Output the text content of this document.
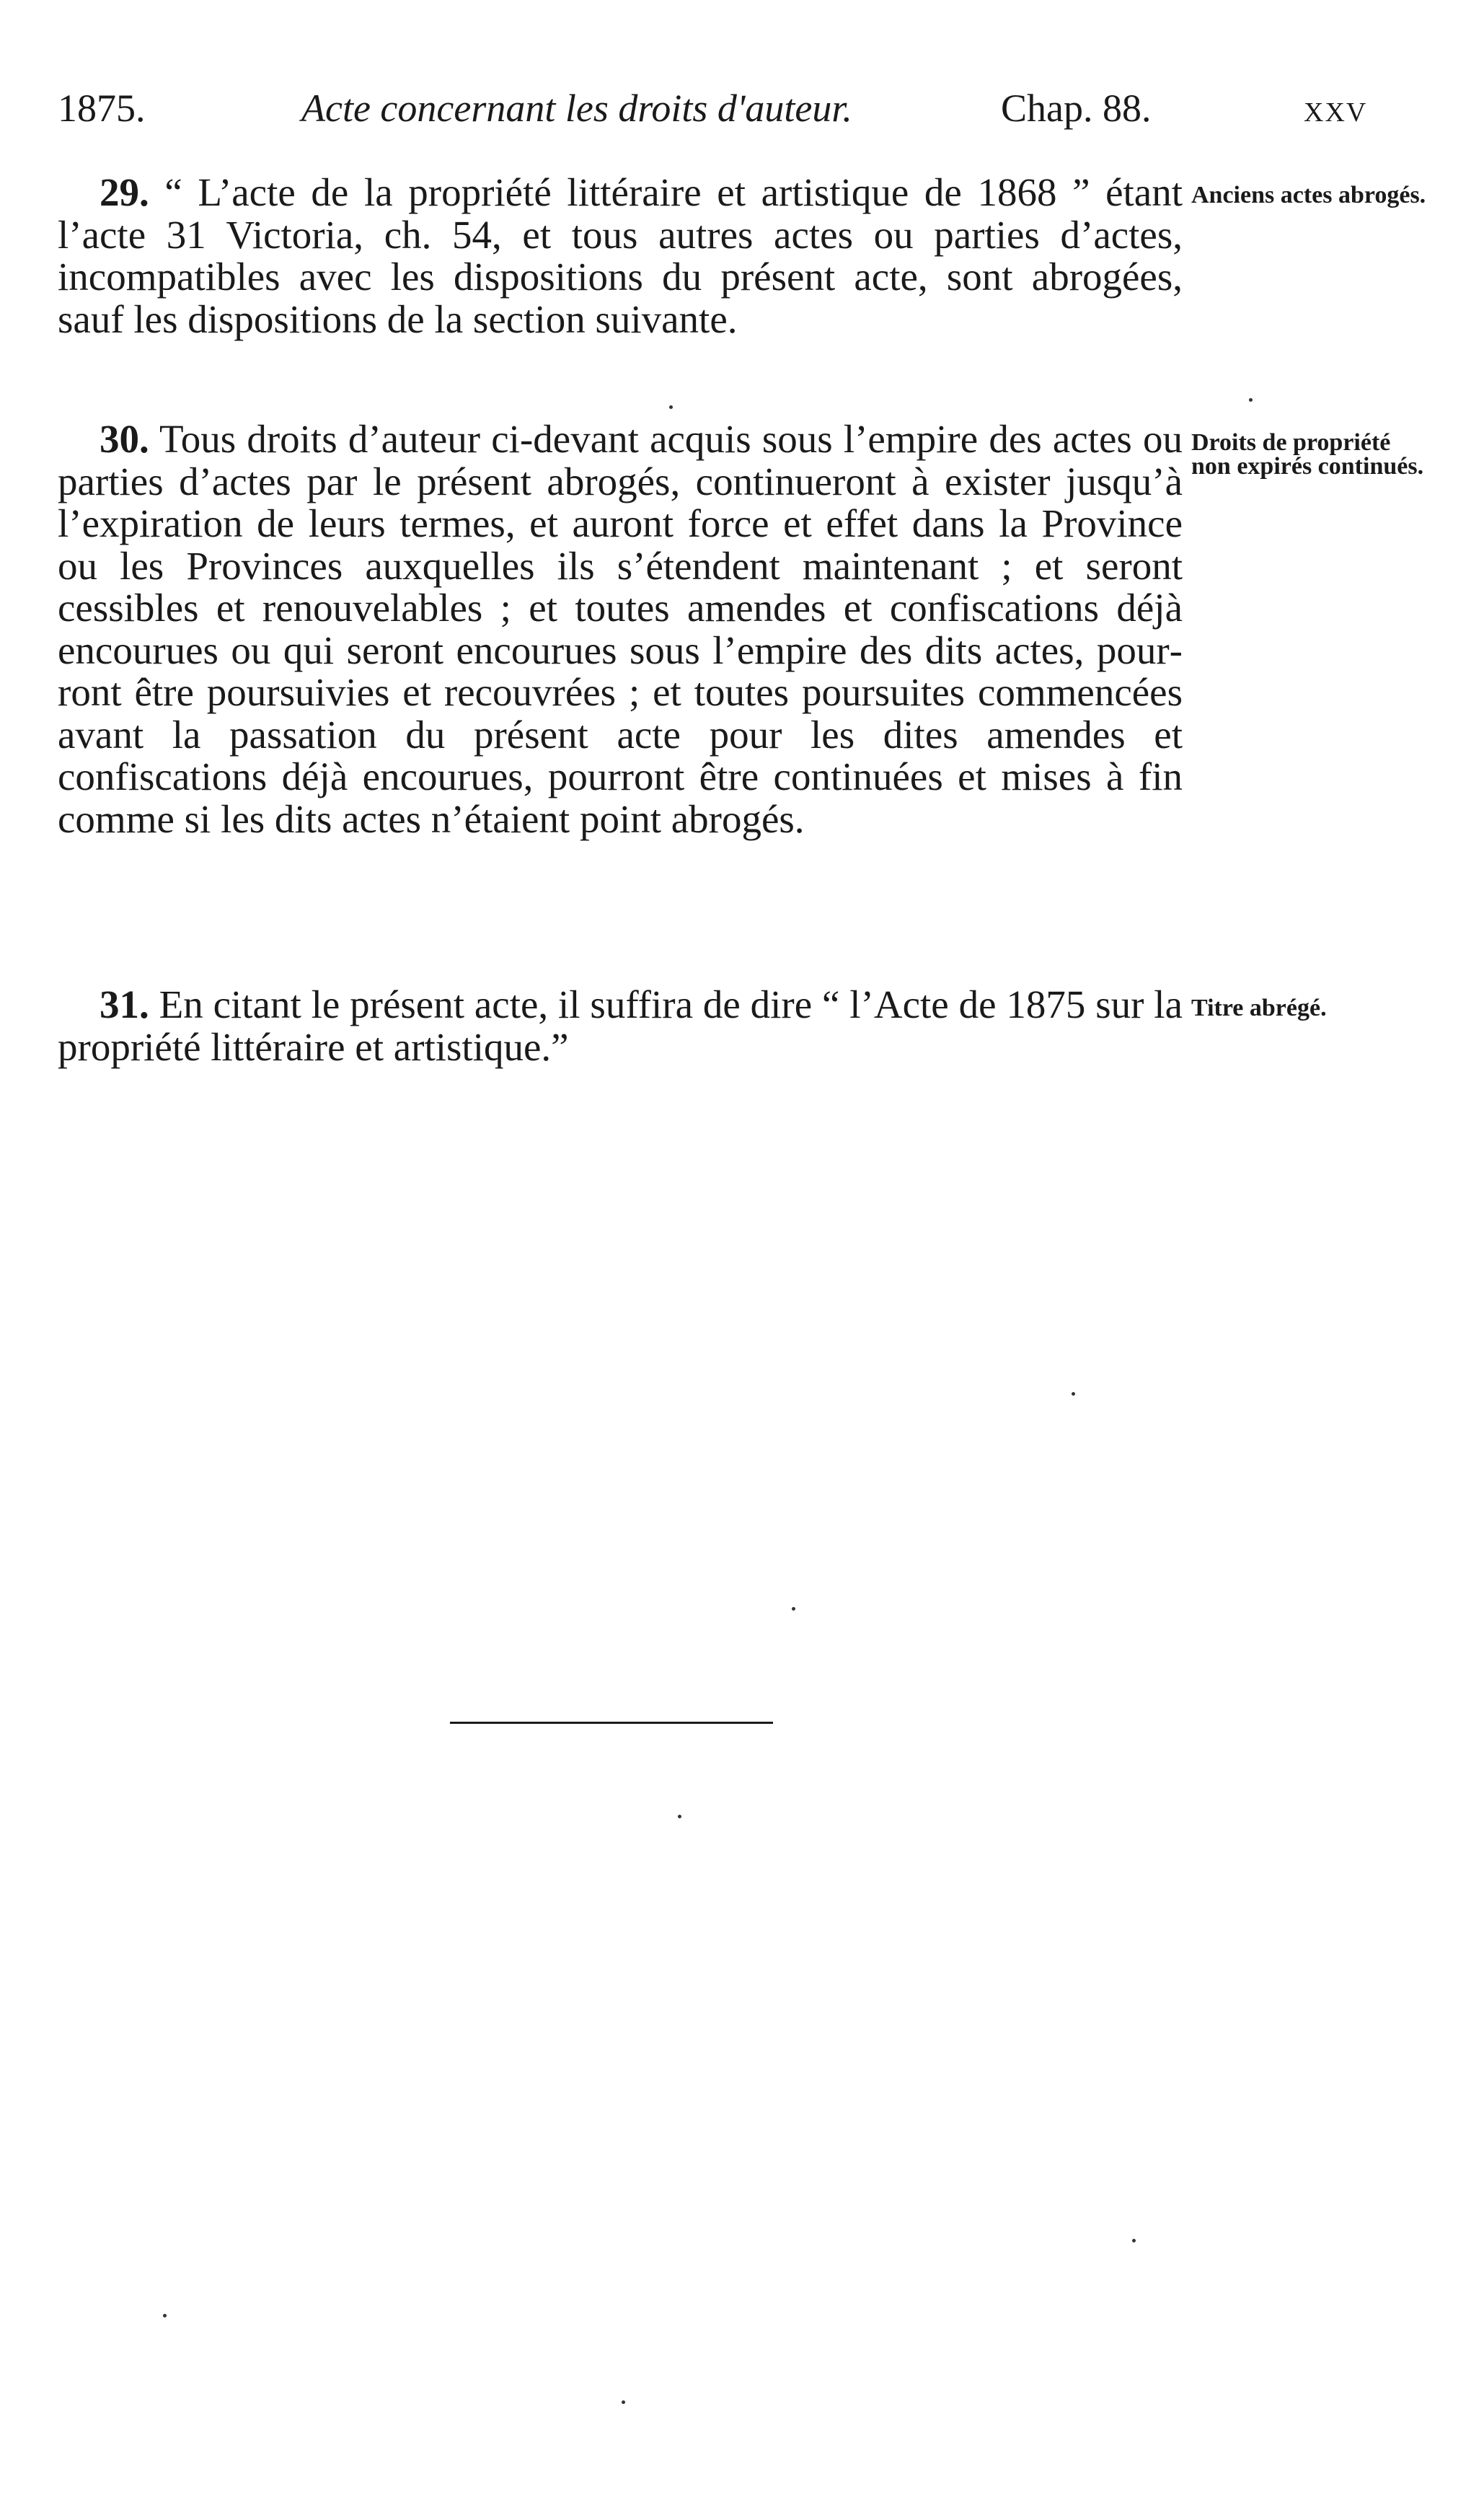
1875.	Acte concernant les droits d'auteur.	Chap. 88.	xxv
29. “ L’acte de la propriété littéraire et artistique de 1868 ” étant l’acte 31 Victoria, ch. 54, et tous autres actes ou parties d’actes, incompatibles avec les dispositions du présent acte, sont abrogées, sauf les dispositions de la section suivante.
Anciens actes abrogés.
30. Tous droits d’auteur ci-devant acquis sous l’empire des actes ou parties d’actes par le présent abrogés, continueront à exister jusqu’à l’expiration de leurs termes, et auront force et effet dans la Province ou les Provinces auxquelles ils s’étendent maintenant ; et seront cessibles et renouvelables ; et toutes amendes et confiscations déjà encourues ou qui seront encourues sous l’empire des dits actes, pourront être poursuivies et recouvrées ; et toutes poursuites commencées avant la passation du présent acte pour les dites amendes et confiscations déjà encourues, pourront être continuées et mises à fin comme si les dits actes n’étaient point abrogés.
Droits de propriété non expirés continués.
31. En citant le présent acte, il suffira de dire “ l’Acte de 1875 sur la propriété littéraire et artistique.”
Titre abrégé.
